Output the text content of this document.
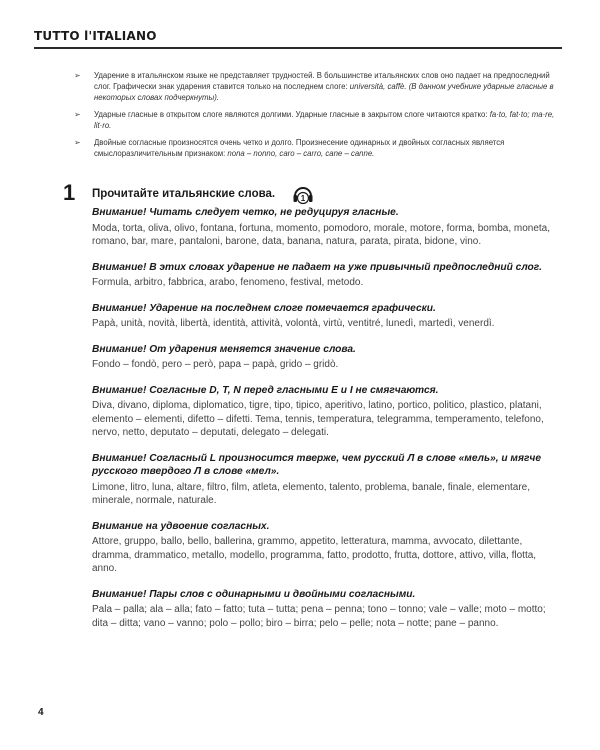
TUTTO l'ITALIANO
➢ Ударение в итальянском языке не представляет трудностей. В большинстве итальянских слов оно падает на предпоследний слог. Графически знак ударения ставится только на последнем слоге: università, caffè. (В данном учебнике ударные гласные в некоторых словах подчеркнуты).
➢ Ударные гласные в открытом слоге являются долгими. Ударные гласные в закрытом слоге читаются кратко: fa·to, fat·to; ma·re, lit·ro.
➢ Двойные согласные произносятся очень четко и долго. Произнесение одинарных и двойных согласных является смыслоразличительным признаком: nona – nonno, caro – carro, cane – canne.
1 Прочитайте итальянские слова.	1
Внимание! Читать следует четко, не редуцируя гласные.
Moda, torta, oliva, olivo, fontana, fortuna, momento, pomodoro, morale, motore, forma, bomba, moneta, romano, bar, mare, pantaloni, barone, data, banana, natura, parata, pirata, bidone, vino.
Внимание! В этих словах ударение не падает на уже привычный предпоследний слог.
Formula, arbitro, fabbrica, arabo, fenomeno, festival, metodo.
Внимание! Ударение на последнем слоге помечается графически.
Papà, unità, novità, libertà, identità, attività, volontà, virtù, ventitré, lunedì, martedì, venerdì.
Внимание! От ударения меняется значение слова.
Fondo – fondò, pero – però, papa – papà, grido – gridò.
Внимание! Согласные D, T, N перед гласными E и I не смягчаются.
Diva, divano, diploma, diplomatico, tigre, tipo, tipico, aperitivo, latino, portico, politico, plastico, platani, elemento – elementi, difetto – difetti. Tema, tennis, temperatura, telegramma, temperamento, telefono, nervo, netto, deputato – deputati, delegato – delegati.
Внимание! Согласный L произносится тверже, чем русский Л в слове «мель», и мягче русского твердого Л в слове «мел».
Limone, litro, luna, altare, filtro, film, atleta, elemento, talento, problema, banale, finale, elementare, minerale, normale, naturale.
Внимание на удвоение согласных.
Attore, gruppo, ballo, bello, ballerina, grammo, appetito, letteratura, mamma, avvocato, dilettante, dramma, drammatico, metallo, modello, programma, fatto, prodotto, frutta, dottore, attivo, villa, flotta, anno.
Внимание! Пары слов с одинарными и двойными согласными.
Pala – palla; ala – alla; fato – fatto; tuta – tutta; pena – penna; tono – tonno; vale – valle; moto – motto; dita – ditta; vano – vanno; polo – pollo; biro – birra; pelo – pelle; nota – notte; pane – panno.
4
